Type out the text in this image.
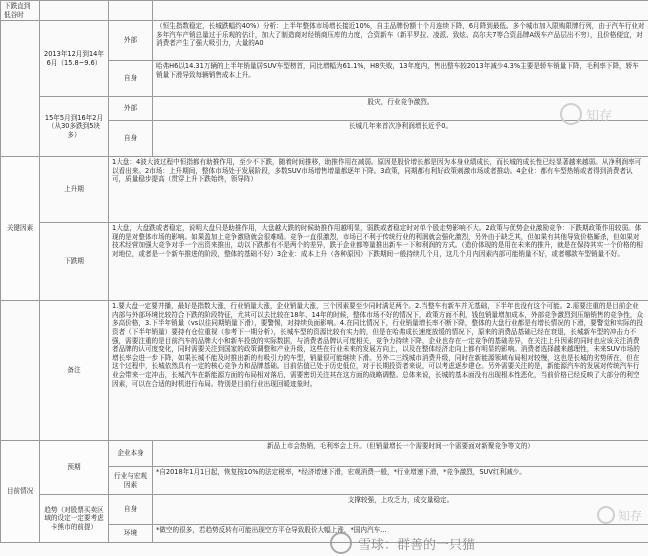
下跌直到低谷时			
	2013年12月到14年6月（15.8~9.6）	外部	（恒生指数稳定，长城跌幅约40%）分析：上半年整体市场增长接近10%，自主品牌份额十个月连续下降，6月降到最低。多个城市加入限购限牌行列，由于汽车行业对多年汽车产销总量过于乐观的估计，加大了制造商对经销商压库的力度，合资新车（新平罗拉、凌派、致炫、高尔夫7等合资品牌A级车产品层出不穷），且价格便宜，对消费者产生了强大吸引力，大量的A0
		自身	哈弗H6以14.31万辆的上半年销量居SUV车型榜首，同比增幅为61.1%，H8失败，13年度内，售出整车较2013年减少4.3%主要是轿车销量下降，毛利率下降，轿车销量下滑导致每辆销售成本上升。
	15年5月到16年2月（从30多跌到5块多）	外部	股灾，行业竞争激烈。
		自身	长城几年来首次净利润增长近乎0。
关键因素	上升期	1大盘：4波大波过程中恒指都有助推作用，至少不下跌，随着时间推移，助推作用在减弱。原因是股价增长都是因为本身业绩成长，而长城的成长性已经显著越来越弱。从净利润率可以看出来。2市场：上升期间，整体市场处于发展阶段，多数SUV市场增售增量都逐年下降。3政策，同期都有利好政策刺激市场或者推动。4企业：都有车型热销或者得到消费者认可，质量稳步提高（贯穿上升下跌始终，领导阵）	
	下跌期	1大盘，大盘跌或者稳定，说明大盘只是助推作用，大盘越大跌的时候助推作用越明显，弱跌或者稳定时对单个股走势影响不大。2政策与优势企业激励竞争：下跌期政策作用较弱。体现的是对整体市场的影响。如果盈加上竞争激励就会很难晴。竞争一直很激烈，市场已不利于传统行业的利润就会强化激烈，另外由于缺乏其，但如果有其他导致价格厮杀，但如果对技术经营加强大竞争对手一个出资来推出，动以下跌都有不是两个的差异，跌于企业都等量推出新车一下和利润的方式。（造价体现的是用在未来的推升，就是在保持其实一个价格的相对地位，或者是一个新车推进的阶段，整体的基础不好）3企业：成本上升（各种原因）下跌期间一般持续几个月，这几个月内因素内部可能销量不好，或者哪款车型销量不好。	
	备注	1.要大盘一定要井播，最好是指数大涨，行业销量大涨，企业销量大涨，三个因素要至少同时满足两个。2.当整车有新车并无基础，下半年也没有这个可能。2.需要注重的是目前企业内部与外部环境比较符合下跌的阶段特征，尤其可以去比较在18年、14年的时候，整体市场不好的情况下，政策方面不利，钱包销量增加成本，外部竞争激烈到压缩销售的竞争性，众多高价格，3.下半年销量（vs以往同期销量下滑），要警惕，对持续负面影响。4.在同比情况下，行业销量增长率不断下降，整体的大盘行业都是有增长情况的下滑，要警觉和实际的投资者（下半年销量）要持有仓位重视（参考下一期分析），长城车型的资源比较有实力的，但是在哈弗成长速度放缓的情况下，原来的消费品基础已经在衰退，长城新车型的冲击力不强，需要注重的是目前汽车的品牌大小和新车投放的实际数据，与消费者品牌认可度相关，竞争力持续下降，企业也存在一定竞争的基础差异，在关注上升因素的同时也应该关注消费者品牌的认可度变化，同时需要关注到国家的政策调整和产业升级，这些在行业未来的发展方向上，以及在整体经济走向上都有明显的影响。消费者选择越来越理性，未来SUV市场的增长率会进一步下降，如果长城不能及时推出新的有吸引力的车型，销量很可能继续下滑。另外二三线城市消费升级，同时在新能源领域布局相对较慢，这也是长城的劣势所在，但在这个过程中，长城依然具有一定的核心竞争力和品牌基础。目前估值已处于历史低位，对于长期投资者来说，可以考虑逐步建仓。另外需要关注的是，新能源汽车的发展对传统汽车行业会带来一定冲击，长城汽车在新能源方面的布局相对落后，需要密切关注其在这方面的战略调整。总体来说，长城的基本面没有出现根本性恶化，当前价格已经反映了大部分的利空因素，可以在合适的时机进行布局。特别是目前行业出现回暖迹象时。	
目前情况	预期	企业本身	新品上市会热销，毛利率会上升。（但销量增长一个需要时间一个需要面对新聚竞争等文的）
		行业与宏观因素	*自2018年1月1日起，恢复按10%的法定税率，*经济增速下滑，宏观消费一般，*行业增速下滑，*竞争激烈，SUV红利减少。
	趋势（对股票买卖区域的设定一定要考虑卡熊市的前提）	自身	支撑较强，上攻乏力，成交量稳定。
		环境	*做空的很多，若趋势反转有可能出现空方平仓导致股价大幅上涨，*国内汽车...
知存
知存
雪球：群善的一只猫
